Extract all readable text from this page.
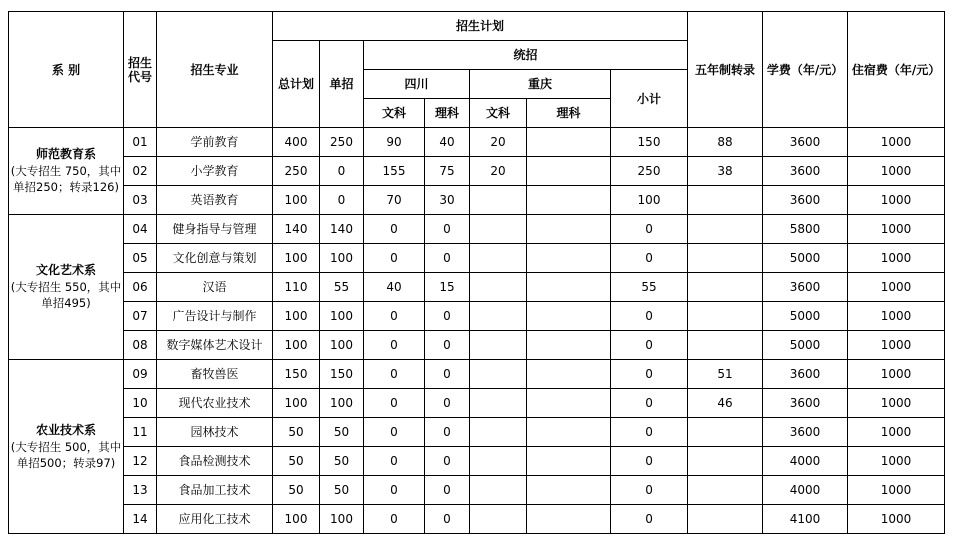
系 别	招生代号	招生专业	招生计划							五年制转录	学费（年/元）	住宿费（年/元）
			总计划	单招	统招							
					四川		重庆		小计			
					文科	理科	文科	理科				

师范教育系
(大专招生 750，其中单招250；转录126)	01	学前教育	400	250	90	40	20		150	88	3600	1000
	02	小学教育	250	0	155	75	20		250	38	3600	1000
	03	英语教育	100	0	70	30			100		3600	1000

文化艺术系
(大专招生 550，其中单招495)	04	健身指导与管理	140	140	0	0			0		5800	1000
	05	文化创意与策划	100	100	0	0			0		5000	1000
	06	汉语	110	55	40	15			55		3600	1000
	07	广告设计与制作	100	100	0	0			0		5000	1000
	08	数字媒体艺术设计	100	100	0	0			0		5000	1000

农业技术系
(大专招生 500，其中单招500；转录97)	09	畜牧兽医	150	150	0	0			0	51	3600	1000
	10	现代农业技术	100	100	0	0			0	46	3600	1000
	11	园林技术	50	50	0	0			0		3600	1000
	12	食品检测技术	50	50	0	0			0		4000	1000
	13	食品加工技术	50	50	0	0			0		4000	1000
	14	应用化工技术	100	100	0	0			0		4100	1000
